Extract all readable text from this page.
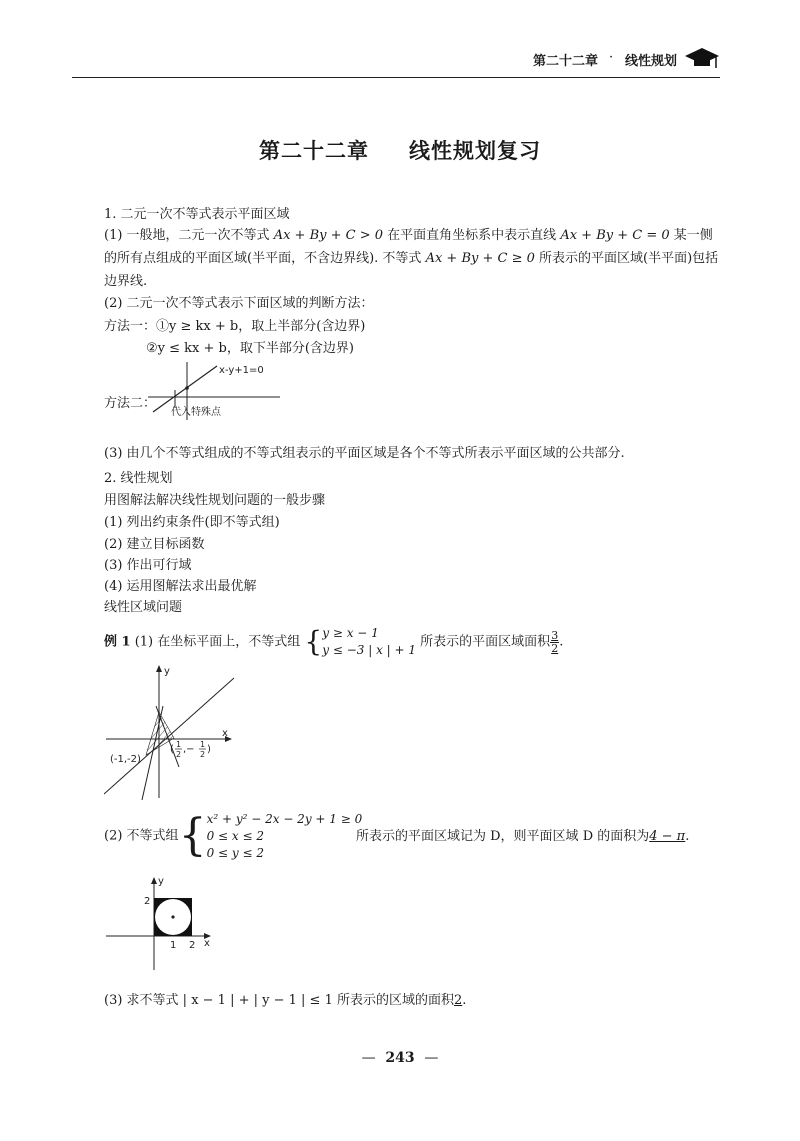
第二十二章 · 线性规划
第二十二章 线性规划复习
1. 二元一次不等式表示平面区域
(1) 一般地，二元一次不等式 Ax + By + C > 0 在平面直角坐标系中表示直线 Ax + By + C = 0 某一侧的所有点组成的平面区域(半平面，不含边界线). 不等式 Ax + By + C ≥ 0 所表示的平面区域(半平面)包括边界线.
(2) 二元一次不等式表示下面区域的判断方法：
方法一：①y ≥ kx + b，取上半部分(含边界)
②y ≤ kx + b，取下半部分(含边界)
方法二：
x-y+1=0
代入特殊点
(3) 由几个不等式组成的不等式组表示的平面区域是各个不等式所表示平面区域的公共部分.
2. 线性规划
用图解法解决线性规划问题的一般步骤
(1) 列出约束条件(即不等式组)
(2) 建立目标函数
(3) 作出可行域
(4) 运用图解法求出最优解
线性区域问题
例 1 (1) 在坐标平面上，不等式组 { y ≥ x − 1
y ≤ −3 | x | + 1
所表示的平面区域面积 $\frac{3}{2}$ .
y
x
(-1,-2)
( 1
2 ,− 1
2 )
(2) 不等式组{ x² + y² − 2x − 2y + 1 ≥ 0
0 ≤ x ≤ 2
0 ≤ y ≤ 2
所表示的平面区域记为 D，则平面区域 D 的面积为4 − π.
y
x
2
1 2
(3) 求不等式 | x − 1 | + | y − 1 | ≤ 1 所表示的区域的面积2.
— 243 —
